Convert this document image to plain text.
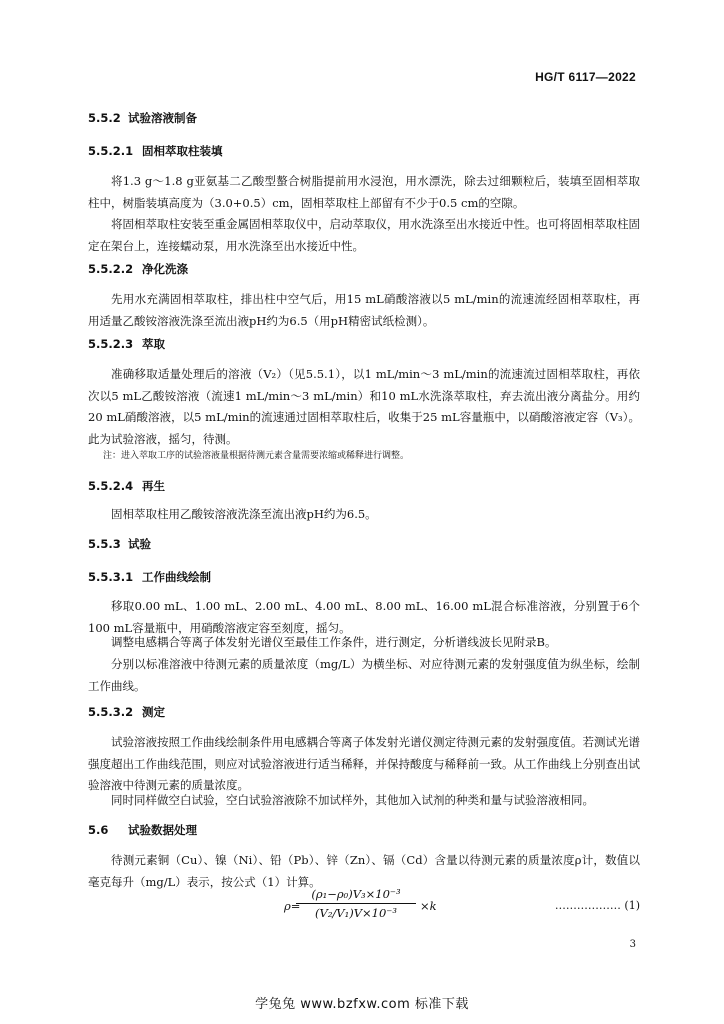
HG/T 6117—2022
5.5.2 试验溶液制备
5.5.2.1 固相萃取柱装填

将1.3 g～1.8 g亚氨基二乙酸型螯合树脂提前用水浸泡，用水漂洗，除去过细颗粒后，装填至固相萃取柱中，树脂装填高度为（3.0+0.5）cm，固相萃取柱上部留有不少于0.5 cm的空隙。

将固相萃取柱安装至重金属固相萃取仪中，启动萃取仪，用水洗涤至出水接近中性。也可将固相萃取柱固定在架台上，连接蠕动泵，用水洗涤至出水接近中性。

5.5.2.2 净化洗涤

先用水充满固相萃取柱，排出柱中空气后，用15 mL硝酸溶液以5 mL/min的流速流经固相萃取柱，再用适量乙酸铵溶液洗涤至流出液pH约为6.5（用pH精密试纸检测）。

5.5.2.3 萃取

准确移取适量处理后的溶液（V₂）（见5.5.1），以1 mL/min～3 mL/min的流速流过固相萃取柱，再依次以5 mL乙酸铵溶液（流速1 mL/min～3 mL/min）和10 mL水洗涤萃取柱，弃去流出液分离盐分。用约20 mL硝酸溶液，以5 mL/min的流速通过固相萃取柱后，收集于25 mL容量瓶中，以硝酸溶液定容（V₃）。此为试验溶液，摇匀，待测。

注：进入萃取工序的试验溶液量根据待测元素含量需要浓缩或稀释进行调整。

5.5.2.4 再生

固相萃取柱用乙酸铵溶液洗涤至流出液pH约为6.5。

5.5.3 试验
5.5.3.1 工作曲线绘制

移取0.00 mL、1.00 mL、2.00 mL、4.00 mL、8.00 mL、16.00 mL混合标准溶液，分别置于6个100 mL容量瓶中，用硝酸溶液定容至刻度，摇匀。

调整电感耦合等离子体发射光谱仪至最佳工作条件，进行测定，分析谱线波长见附录B。

分别以标准溶液中待测元素的质量浓度（mg/L）为横坐标、对应待测元素的发射强度值为纵坐标，绘制工作曲线。

5.5.3.2 测定

试验溶液按照工作曲线绘制条件用电感耦合等离子体发射光谱仪测定待测元素的发射强度值。若测试光谱强度超出工作曲线范围，则应对试验溶液进行适当稀释，并保持酸度与稀释前一致。从工作曲线上分别查出试验溶液中待测元素的质量浓度。

同时同样做空白试验，空白试验溶液除不加试样外，其他加入试剂的种类和量与试验溶液相同。

5.6 试验数据处理

待测元素铜（Cu）、镍（Ni）、铅（Pb）、锌（Zn）、镉（Cd）含量以待测元素的质量浓度ρ计，数值以毫克每升（mg/L）表示，按公式（1）计算。

ρ=
(ρ₁−ρ₀)V₃×10⁻³
(V₂/V₁)V×10⁻³	×k	……………… (1)
3
学兔兔 www.bzfxw.com 标准下载
